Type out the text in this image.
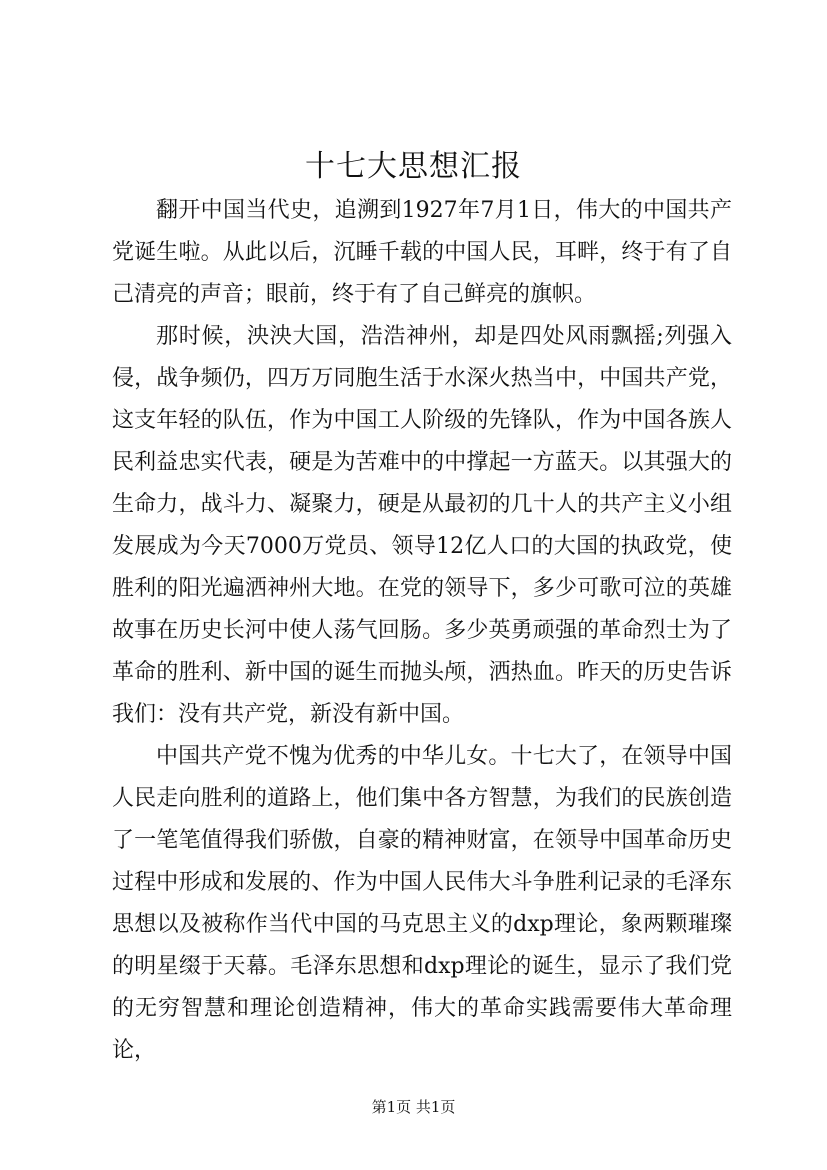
十七大思想汇报

翻开中国当代史，追溯到1927年7月1日，伟大的中国共产党诞生啦。从此以后，沉睡千载的中国人民，耳畔，终于有了自己清亮的声音；眼前，终于有了自己鲜亮的旗帜。

那时候，泱泱大国，浩浩神州，却是四处风雨飘摇;列强入侵，战争频仍，四万万同胞生活于水深火热当中，中国共产党，这支年轻的队伍，作为中国工人阶级的先锋队，作为中国各族人民利益忠实代表，硬是为苦难中的中撑起一方蓝天。以其强大的生命力，战斗力、凝聚力，硬是从最初的几十人的共产主义小组发展成为今天7000万党员、领导12亿人口的大国的执政党，使胜利的阳光遍洒神州大地。在党的领导下，多少可歌可泣的英雄故事在历史长河中使人荡气回肠。多少英勇顽强的革命烈士为了革命的胜利、新中国的诞生而抛头颅，洒热血。昨天的历史告诉我们：没有共产党，新没有新中国。

中国共产党不愧为优秀的中华儿女。十七大了，在领导中国人民走向胜利的道路上，他们集中各方智慧，为我们的民族创造了一笔笔值得我们骄傲，自豪的精神财富，在领导中国革命历史过程中形成和发展的、作为中国人民伟大斗争胜利记录的毛泽东思想以及被称作当代中国的马克思主义的dxp理论，象两颗璀璨的明星缀于天幕。毛泽东思想和dxp理论的诞生，显示了我们党的无穷智慧和理论创造精神，伟大的革命实践需要伟大革命理论，

第1页 共1页
